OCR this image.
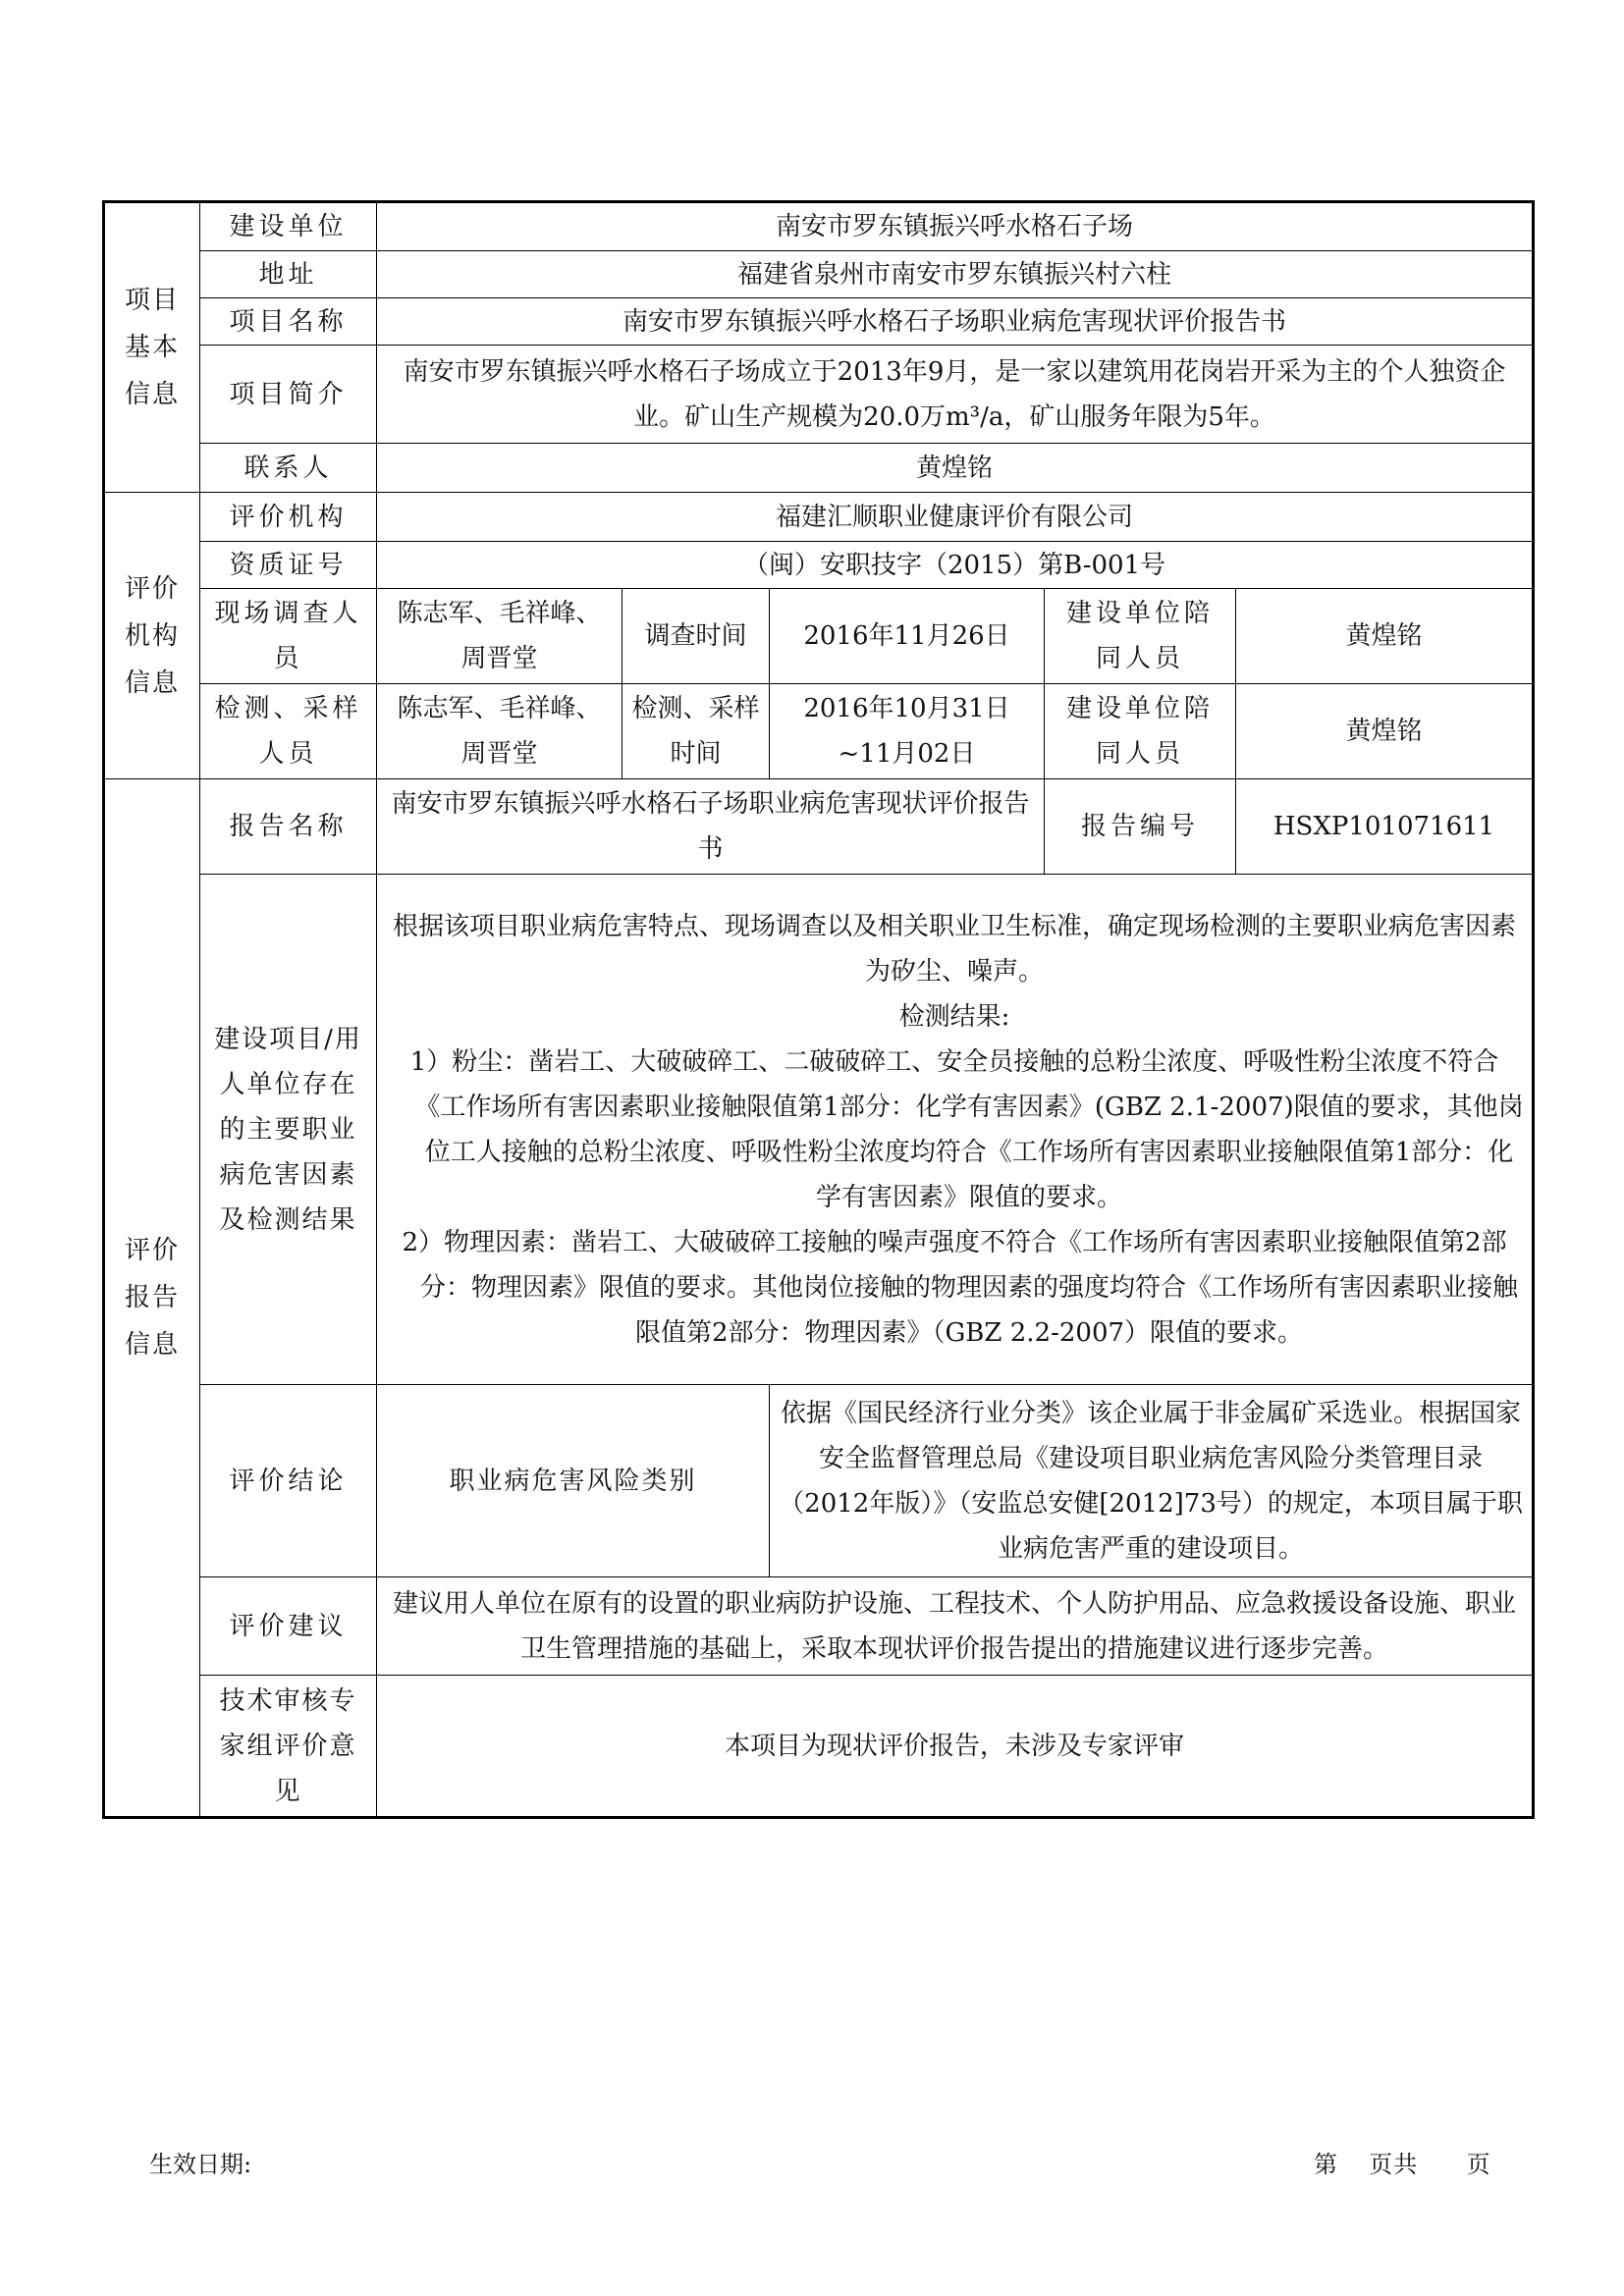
项目基本信息	建设单位	南安市罗东镇振兴呼水格石子场				
	地址	福建省泉州市南安市罗东镇振兴村六柱				
	项目名称	南安市罗东镇振兴呼水格石子场职业病危害现状评价报告书				
	项目简介	南安市罗东镇振兴呼水格石子场成立于2013年9月，是一家以建筑用花岗岩开采为主的个人独资企业。矿山生产规模为20.0万m³/a，矿山服务年限为5年。				
	联系人	黄煌铭				
评价机构信息	评价机构	福建汇顺职业健康评价有限公司				
	资质证号	（闽）安职技字（2015）第B-001号				
	现场调查人员	陈志军、毛祥峰、周晋堂	调查时间	2016年11月26日	建设单位陪同人员	黄煌铭
	检测、采样人员	陈志军、毛祥峰、周晋堂	检测、采样时间	2016年10月31日~11月02日	建设单位陪同人员	黄煌铭
评价报告信息	报告名称	南安市罗东镇振兴呼水格石子场职业病危害现状评价报告书			报告编号	HSXP101071611
	建设项目/用人单位存在的主要职业病危害因素及检测结果	根据该项目职业病危害特点、现场调查以及相关职业卫生标准，确定现场检测的主要职业病危害因素为矽尘、噪声。
检测结果:
1）粉尘：凿岩工、大破破碎工、二破破碎工、安全员接触的总粉尘浓度、呼吸性粉尘浓度不符合《工作场所有害因素职业接触限值第1部分：化学有害因素》(GBZ 2.1-2007)限值的要求，其他岗位工人接触的总粉尘浓度、呼吸性粉尘浓度均符合《工作场所有害因素职业接触限值第1部分：化学有害因素》限值的要求。
2）物理因素：凿岩工、大破破碎工接触的噪声强度不符合《工作场所有害因素职业接触限值第2部分：物理因素》限值的要求。其他岗位接触的物理因素的强度均符合《工作场所有害因素职业接触限值第2部分：物理因素》（GBZ 2.2-2007）限值的要求。				

	评价结论	职业病危害风险类别		依据《国民经济行业分类》该企业属于非金属矿采选业。根据国家安全监督管理总局《建设项目职业病危害风险分类管理目录（2012年版）》（安监总安健[2012]73号）的规定，本项目属于职业病危害严重的建设项目。		
	评价建议	建议用人单位在原有的设置的职业病防护设施、工程技术、个人防护用品、应急救援设备设施、职业卫生管理措施的基础上，采取本现状评价报告提出的措施建议进行逐步完善。				
	技术审核专家组评价意见	本项目为现状评价报告，未涉及专家评审				
生效日期:	第 页共 页
